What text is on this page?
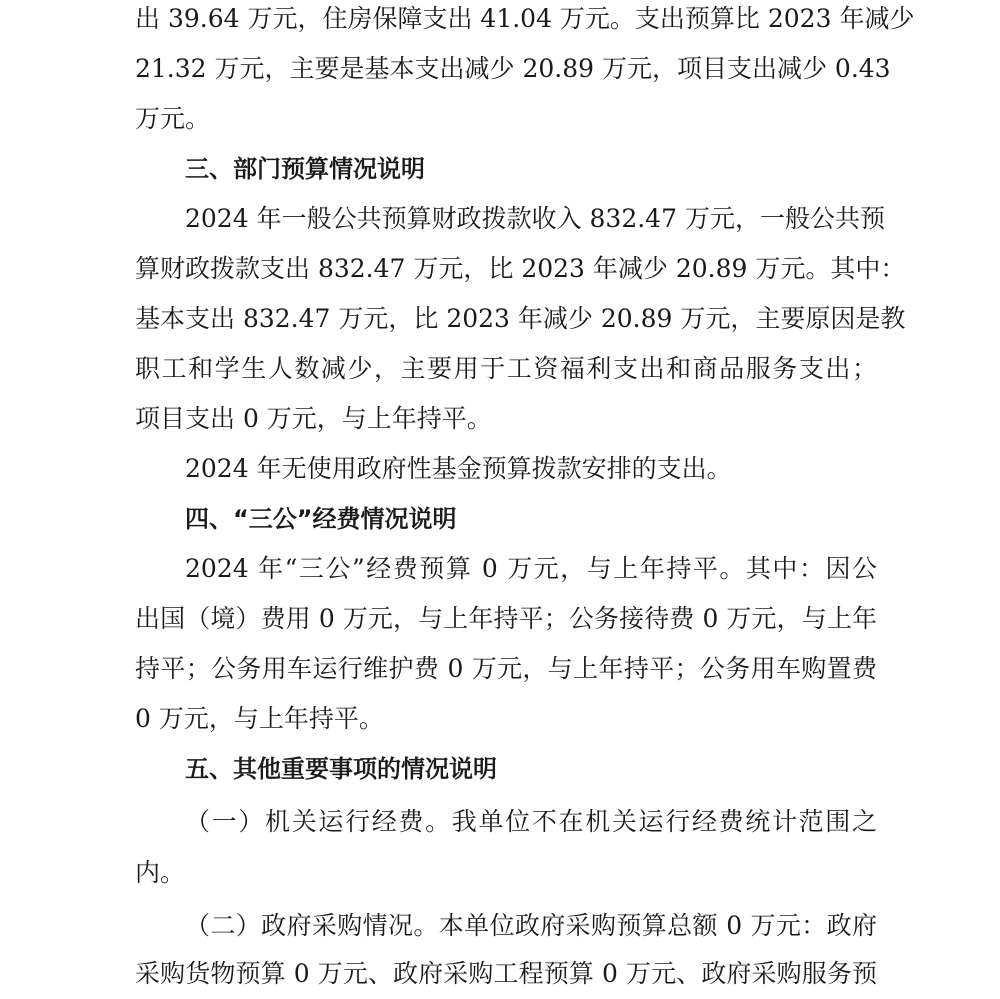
出 39.64 万元，住房保障支出 41.04 万元。支出预算比 2023 年减少

21.32 万元，主要是基本支出减少 20.89 万元，项目支出减少 0.43

万元。

三、部门预算情况说明

2024 年一般公共预算财政拨款收入 832.47 万元，一般公共预

算财政拨款支出 832.47 万元，比 2023 年减少 20.89 万元。其中：

基本支出 832.47 万元，比 2023 年减少 20.89 万元，主要原因是教

职工和学生人数减少，主要用于工资福利支出和商品服务支出；

项目支出 0 万元，与上年持平。

2024 年无使用政府性基金预算拨款安排的支出。

四、“三公”经费情况说明

2024 年“三公”经费预算 0 万元，与上年持平。其中：因公

出国（境）费用 0 万元，与上年持平；公务接待费 0 万元，与上年

持平；公务用车运行维护费 0 万元，与上年持平；公务用车购置费

0 万元，与上年持平。

五、其他重要事项的情况说明

（一）机关运行经费。我单位不在机关运行经费统计范围之

内。

（二）政府采购情况。本单位政府采购预算总额 0 万元：政府

采购货物预算 0 万元、政府采购工程预算 0 万元、政府采购服务预
